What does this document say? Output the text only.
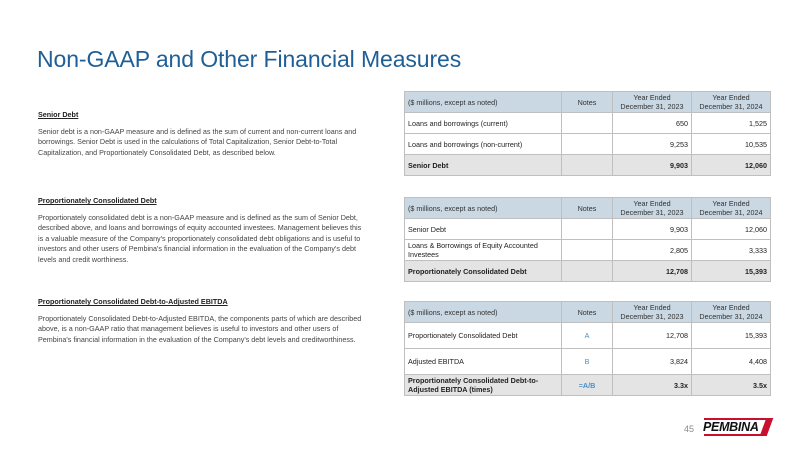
Non-GAAP and Other Financial Measures
Senior Debt
Senior debt is a non-GAAP measure and is defined as the sum of current and non-current loans and borrowings. Senior Debt is used in the calculations of Total Capitalization, Senior Debt-to-Total Capitalization, and Proportionately Consolidated Debt, as described below.
Proportionately Consolidated Debt
Proportionately consolidated debt is a non-GAAP measure and is defined as the sum of Senior Debt, described above, and loans and borrowings of equity accounted investees. Management believes this is a valuable measure of the Company's proportionately consolidated debt obligations and is useful to investors and other users of Pembina's financial information in the evaluation of the Company's debt levels and credit worthiness.
Proportionately Consolidated Debt-to-Adjusted EBITDA
Proportionately Consolidated Debt-to-Adjusted EBITDA, the components parts of which are described above, is a non-GAAP ratio that management believes is useful to investors and other users of Pembina's financial information in the evaluation of the Company's debt levels and creditworthiness.
($ millions, except as noted)	Notes	Year Ended December 31, 2023	Year Ended December 31, 2024
Loans and borrowings (current)		650	1,525
Loans and borrowings (non-current)		9,253	10,535
Senior Debt		9,903	12,060
($ millions, except as noted)	Notes	Year Ended December 31, 2023	Year Ended December 31, 2024
Senior Debt		9,903	12,060
Loans & Borrowings of Equity Accounted Investees		2,805	3,333
Proportionately Consolidated Debt		12,708	15,393
($ millions, except as noted)	Notes	Year Ended December 31, 2023	Year Ended December 31, 2024
Proportionately Consolidated Debt	A	12,708	15,393
Adjusted EBITDA	B	3,824	4,408
Proportionately Consolidated Debt-to-Adjusted EBITDA (times)	=A/B	3.3x	3.5x
45 PEMBINA
